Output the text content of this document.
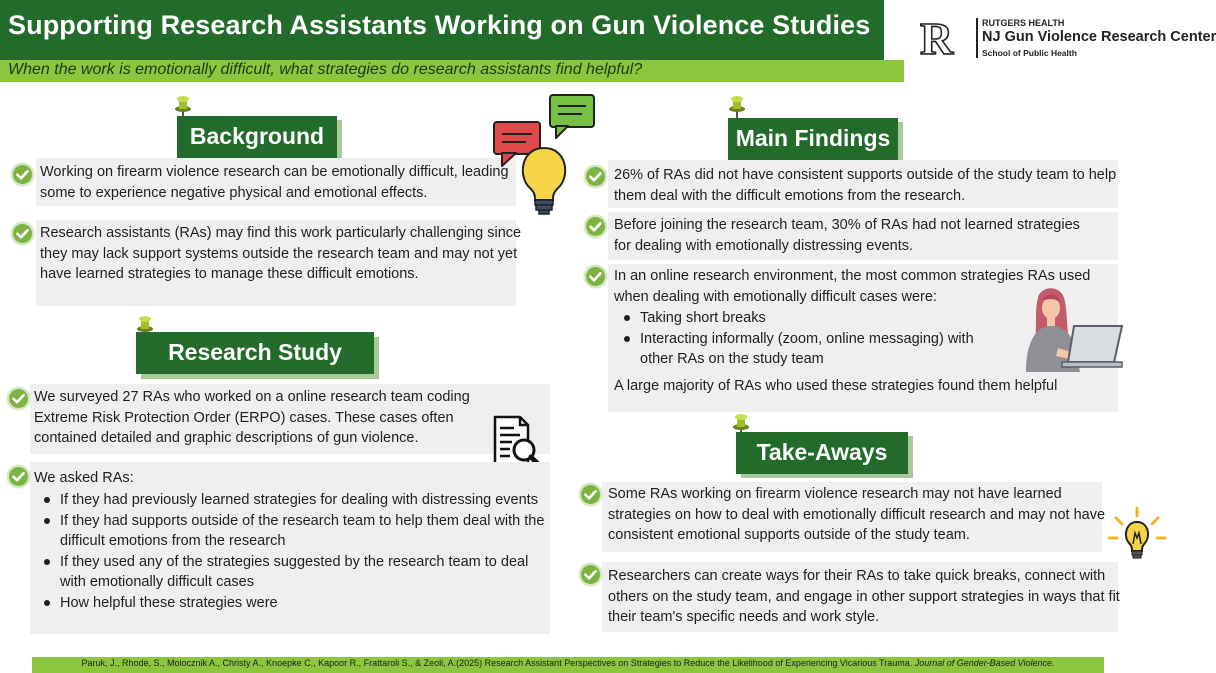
Supporting Research Assistants Working on Gun Violence Studies
When the work is emotionally difficult, what strategies do research assistants find helpful?
R	RUTGERS HEALTH
NJ Gun Violence Research Center
School of Public Health
Background
Working on firearm violence research can be emotionally difficult, leading some to experience negative physical and emotional effects.
Research assistants (RAs) may find this work particularly challenging since they may lack support systems outside the research team and may not yet have learned strategies to manage these difficult emotions.
Research Study
We surveyed 27 RAs who worked on a online research team coding Extreme Risk Protection Order (ERPO) cases. These cases often contained detailed and graphic descriptions of gun violence.
We asked RAs:
If they had previously learned strategies for dealing with distressing events
If they had supports outside of the research team to help them deal with the difficult emotions from the research
If they used any of the strategies suggested by the research team to deal with emotionally difficult cases
How helpful these strategies were
Main Findings
26% of RAs did not have consistent supports outside of the study team to help them deal with the difficult emotions from the research.
Before joining the research team, 30% of RAs had not learned strategies for dealing with emotionally distressing events.
In an online research environment, the most common strategies RAs used when dealing with emotionally difficult cases were:
Taking short breaks
Interacting informally (zoom, online messaging) with other RAs on the study team
A large majority of RAs who used these strategies found them helpful
Take-Aways
Some RAs working on firearm violence research may not have learned strategies on how to deal with emotionally difficult research and may not have consistent emotional supports outside of the study team.
Researchers can create ways for their RAs to take quick breaks, connect with others on the study team, and engage in other support strategies in ways that fit their team's specific needs and work style.
Paruk, J., Rhode, S., Molocznik A., Christy A., Knoepke C., Kapoor R., Frattaroli S., & Zeoli, A.(2025) Research Assistant Perspectives on Strategies to Reduce the Likelihood of Experiencing Vicarious Trauma. Journal of Gender-Based Violence.
